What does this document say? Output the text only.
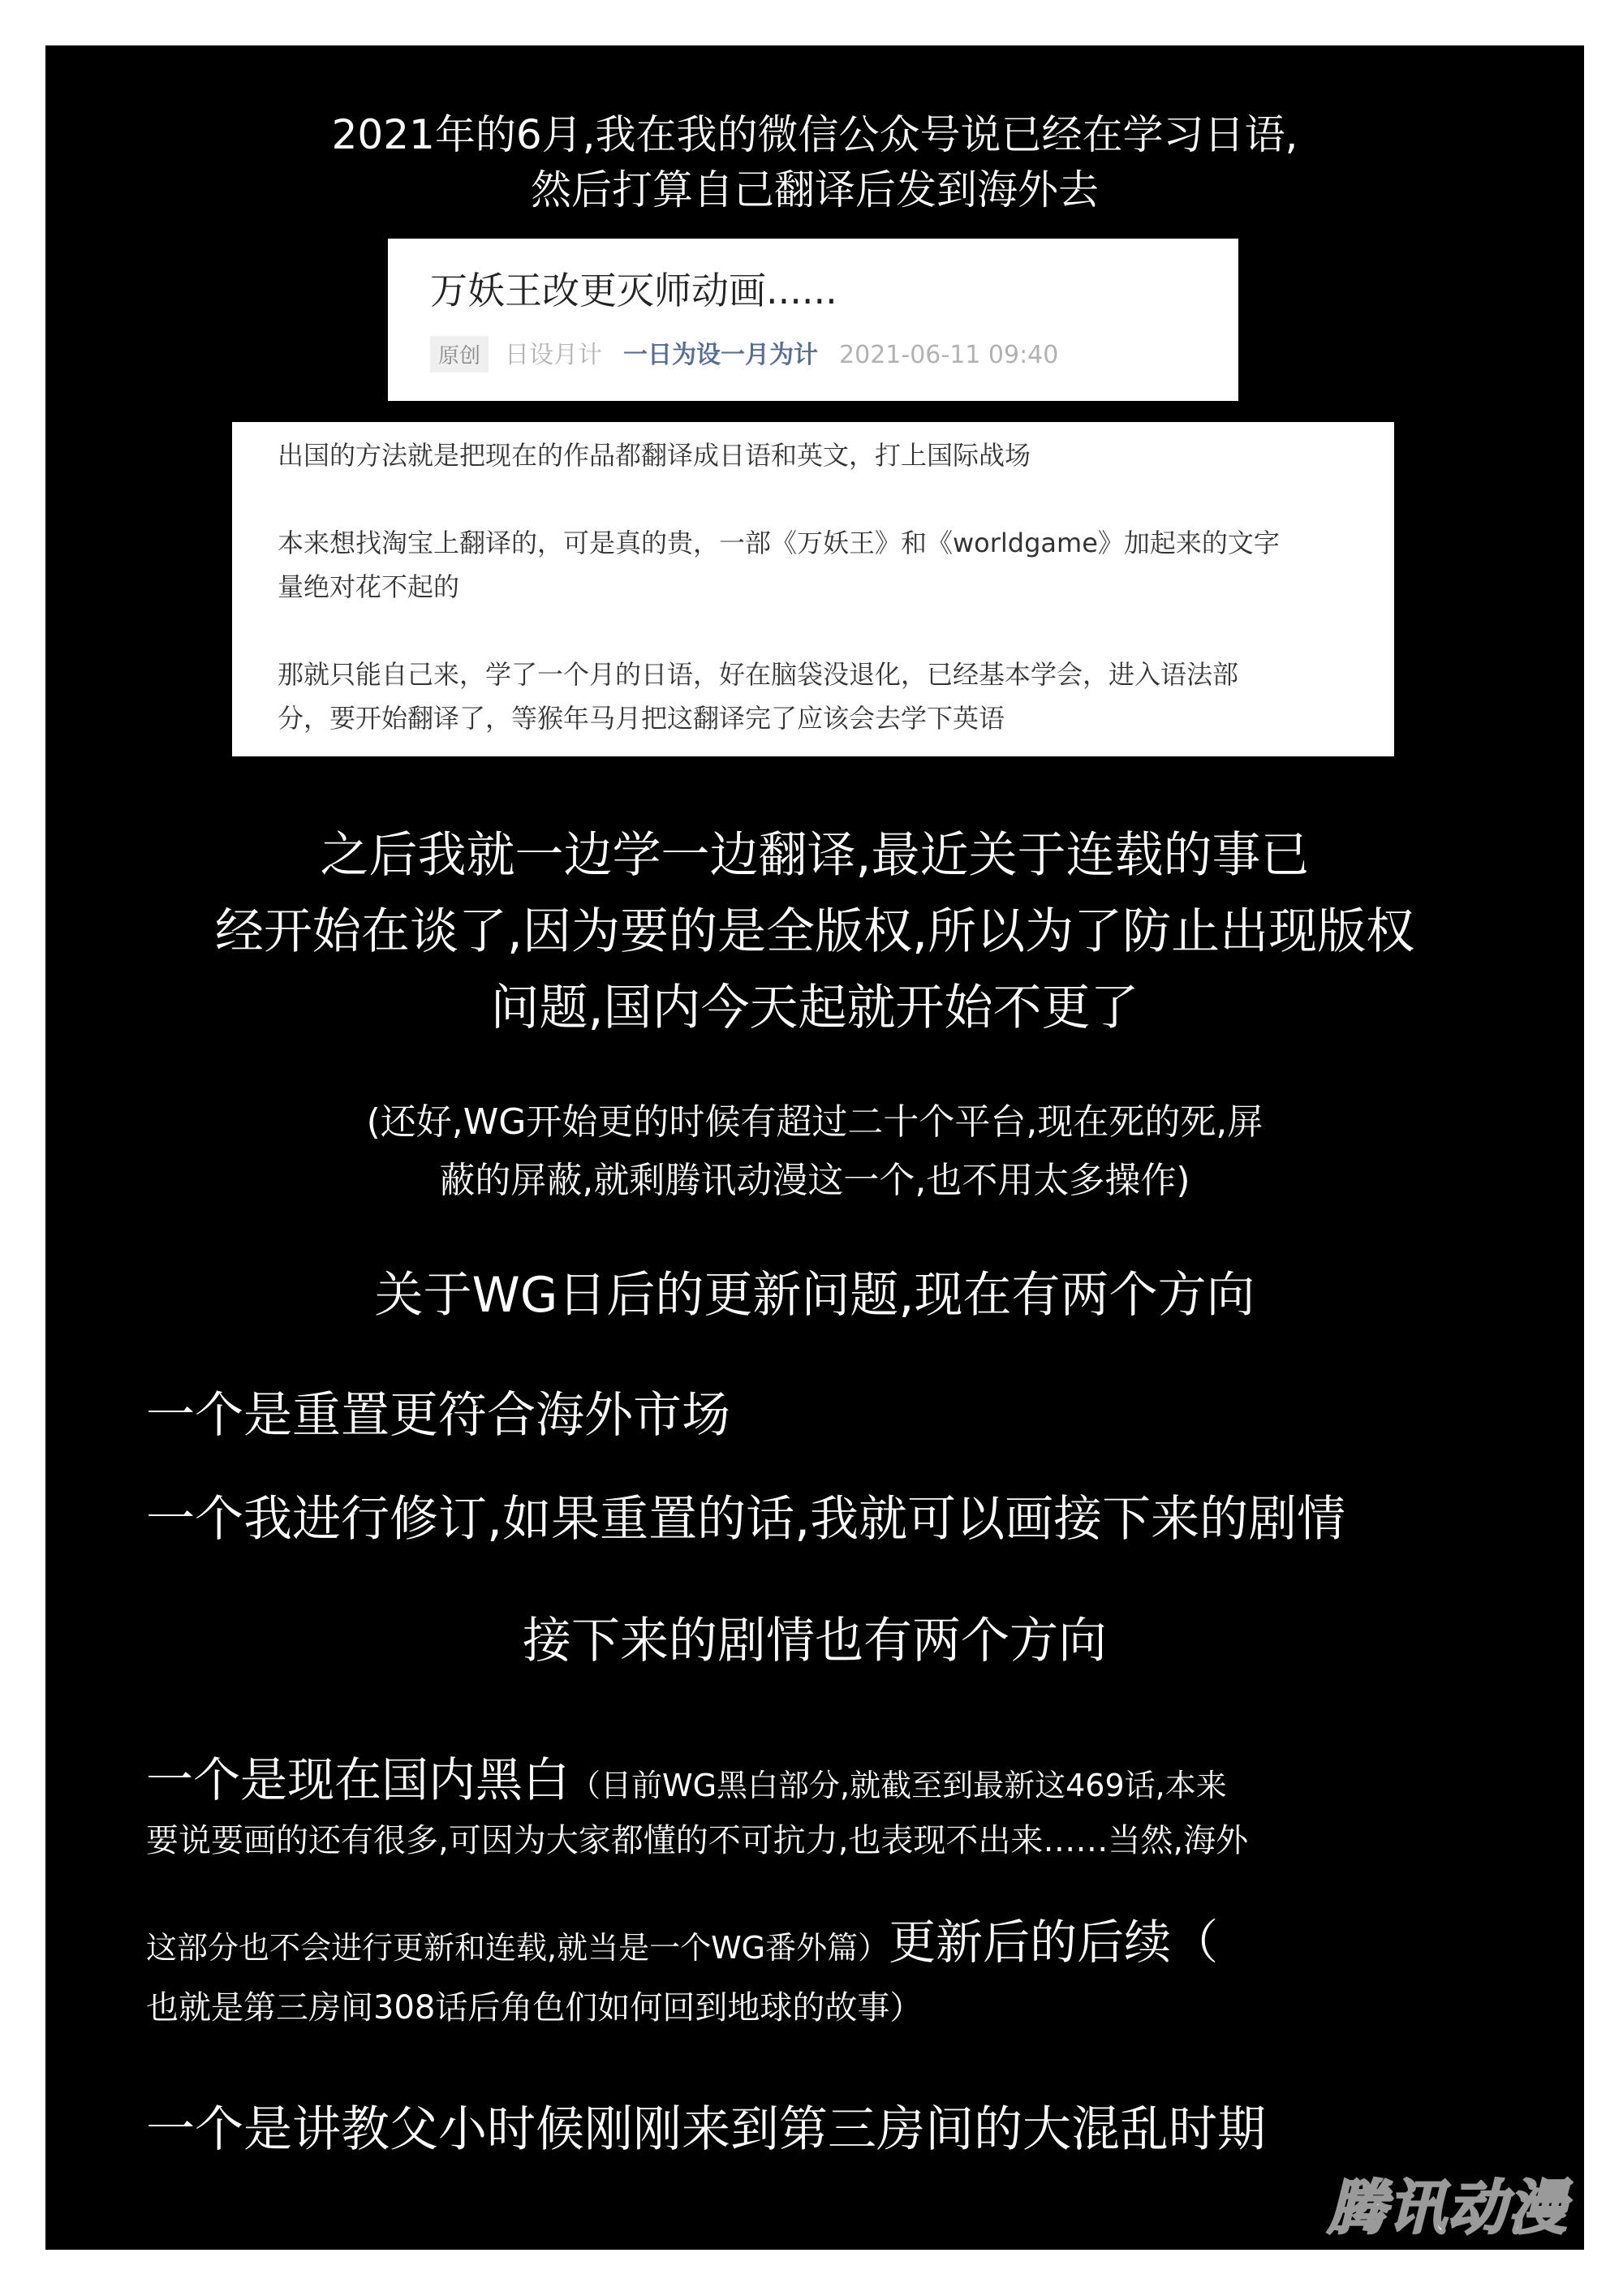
2021年的6月,我在我的微信公众号说已经在学习日语,
然后打算自己翻译后发到海外去
万妖王改更灭师动画......
原创 日设月计 一日为设一月为计 2021-06-11 09:40
出国的方法就是把现在的作品都翻译成日语和英文，打上国际战场
本来想找淘宝上翻译的，可是真的贵，一部《万妖王》和《worldgame》加起来的文字
量绝对花不起的
那就只能自己来，学了一个月的日语，好在脑袋没退化，已经基本学会，进入语法部
分，要开始翻译了，等猴年马月把这翻译完了应该会去学下英语
之后我就一边学一边翻译,最近关于连载的事已
经开始在谈了,因为要的是全版权,所以为了防止出现版权
问题,国内今天起就开始不更了
(还好,WG开始更的时候有超过二十个平台,现在死的死,屏
蔽的屏蔽,就剩腾讯动漫这一个,也不用太多操作)
关于WG日后的更新问题,现在有两个方向
一个是重置更符合海外市场
一个我进行修订,如果重置的话,我就可以画接下来的剧情
接下来的剧情也有两个方向
一个是现在国内黑白（目前WG黑白部分,就截至到最新这469话,本来
要说要画的还有很多,可因为大家都懂的不可抗力,也表现不出来……当然,海外
这部分也不会进行更新和连载,就当是一个WG番外篇）更新后的后续（
也就是第三房间308话后角色们如何回到地球的故事）
一个是讲教父小时候刚刚来到第三房间的大混乱时期
腾讯动漫
